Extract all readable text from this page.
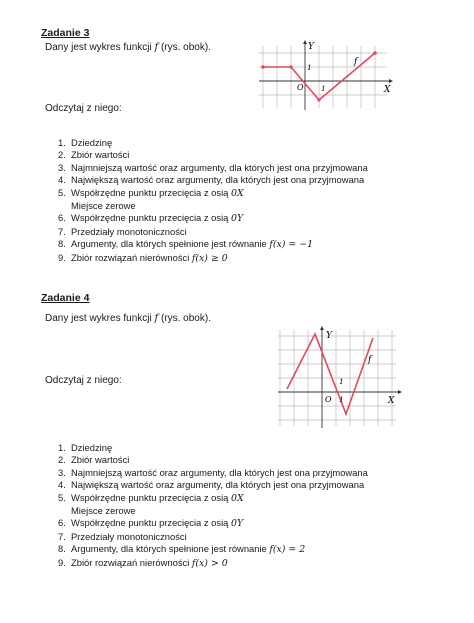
Zadanie 3
Dany jest wykres funkcji f (rys. obok).	Y
X
f
1
1
O
Odczytaj z niego:
1. Dziedzinę
2. Zbiór wartości
3. Najmniejszą wartość oraz argumenty, dla których jest ona przyjmowana
4. Największą wartość oraz argumenty, dla których jest ona przyjmowana
5. Współrzędne punktu przecięcia z osią 0X
Miejsce zerowe
6. Współrzędne punktu przecięcia z osią 0Y
7. Przedziały monotoniczności
8. Argumenty, dla których spełnione jest równanie f(x) = −1
9. Zbiór rozwiązań nierówności f(x) ≥ 0
Zadanie 4
Dany jest wykres funkcji f (rys. obok).
Y
X
f
1
1
O
Odczytaj z niego:
1. Dziedzinę
2. Zbiór wartości
3. Najmniejszą wartość oraz argumenty, dla których jest ona przyjmowana
4. Największą wartość oraz argumenty, dla których jest ona przyjmowana
5. Współrzędne punktu przecięcia z osią 0X
Miejsce zerowe
6. Współrzędne punktu przecięcia z osią 0Y
7. Przedziały monotoniczności
8. Argumenty, dla których spełnione jest równanie f(x) = 2
9. Zbiór rozwiązań nierówności f(x) > 0
